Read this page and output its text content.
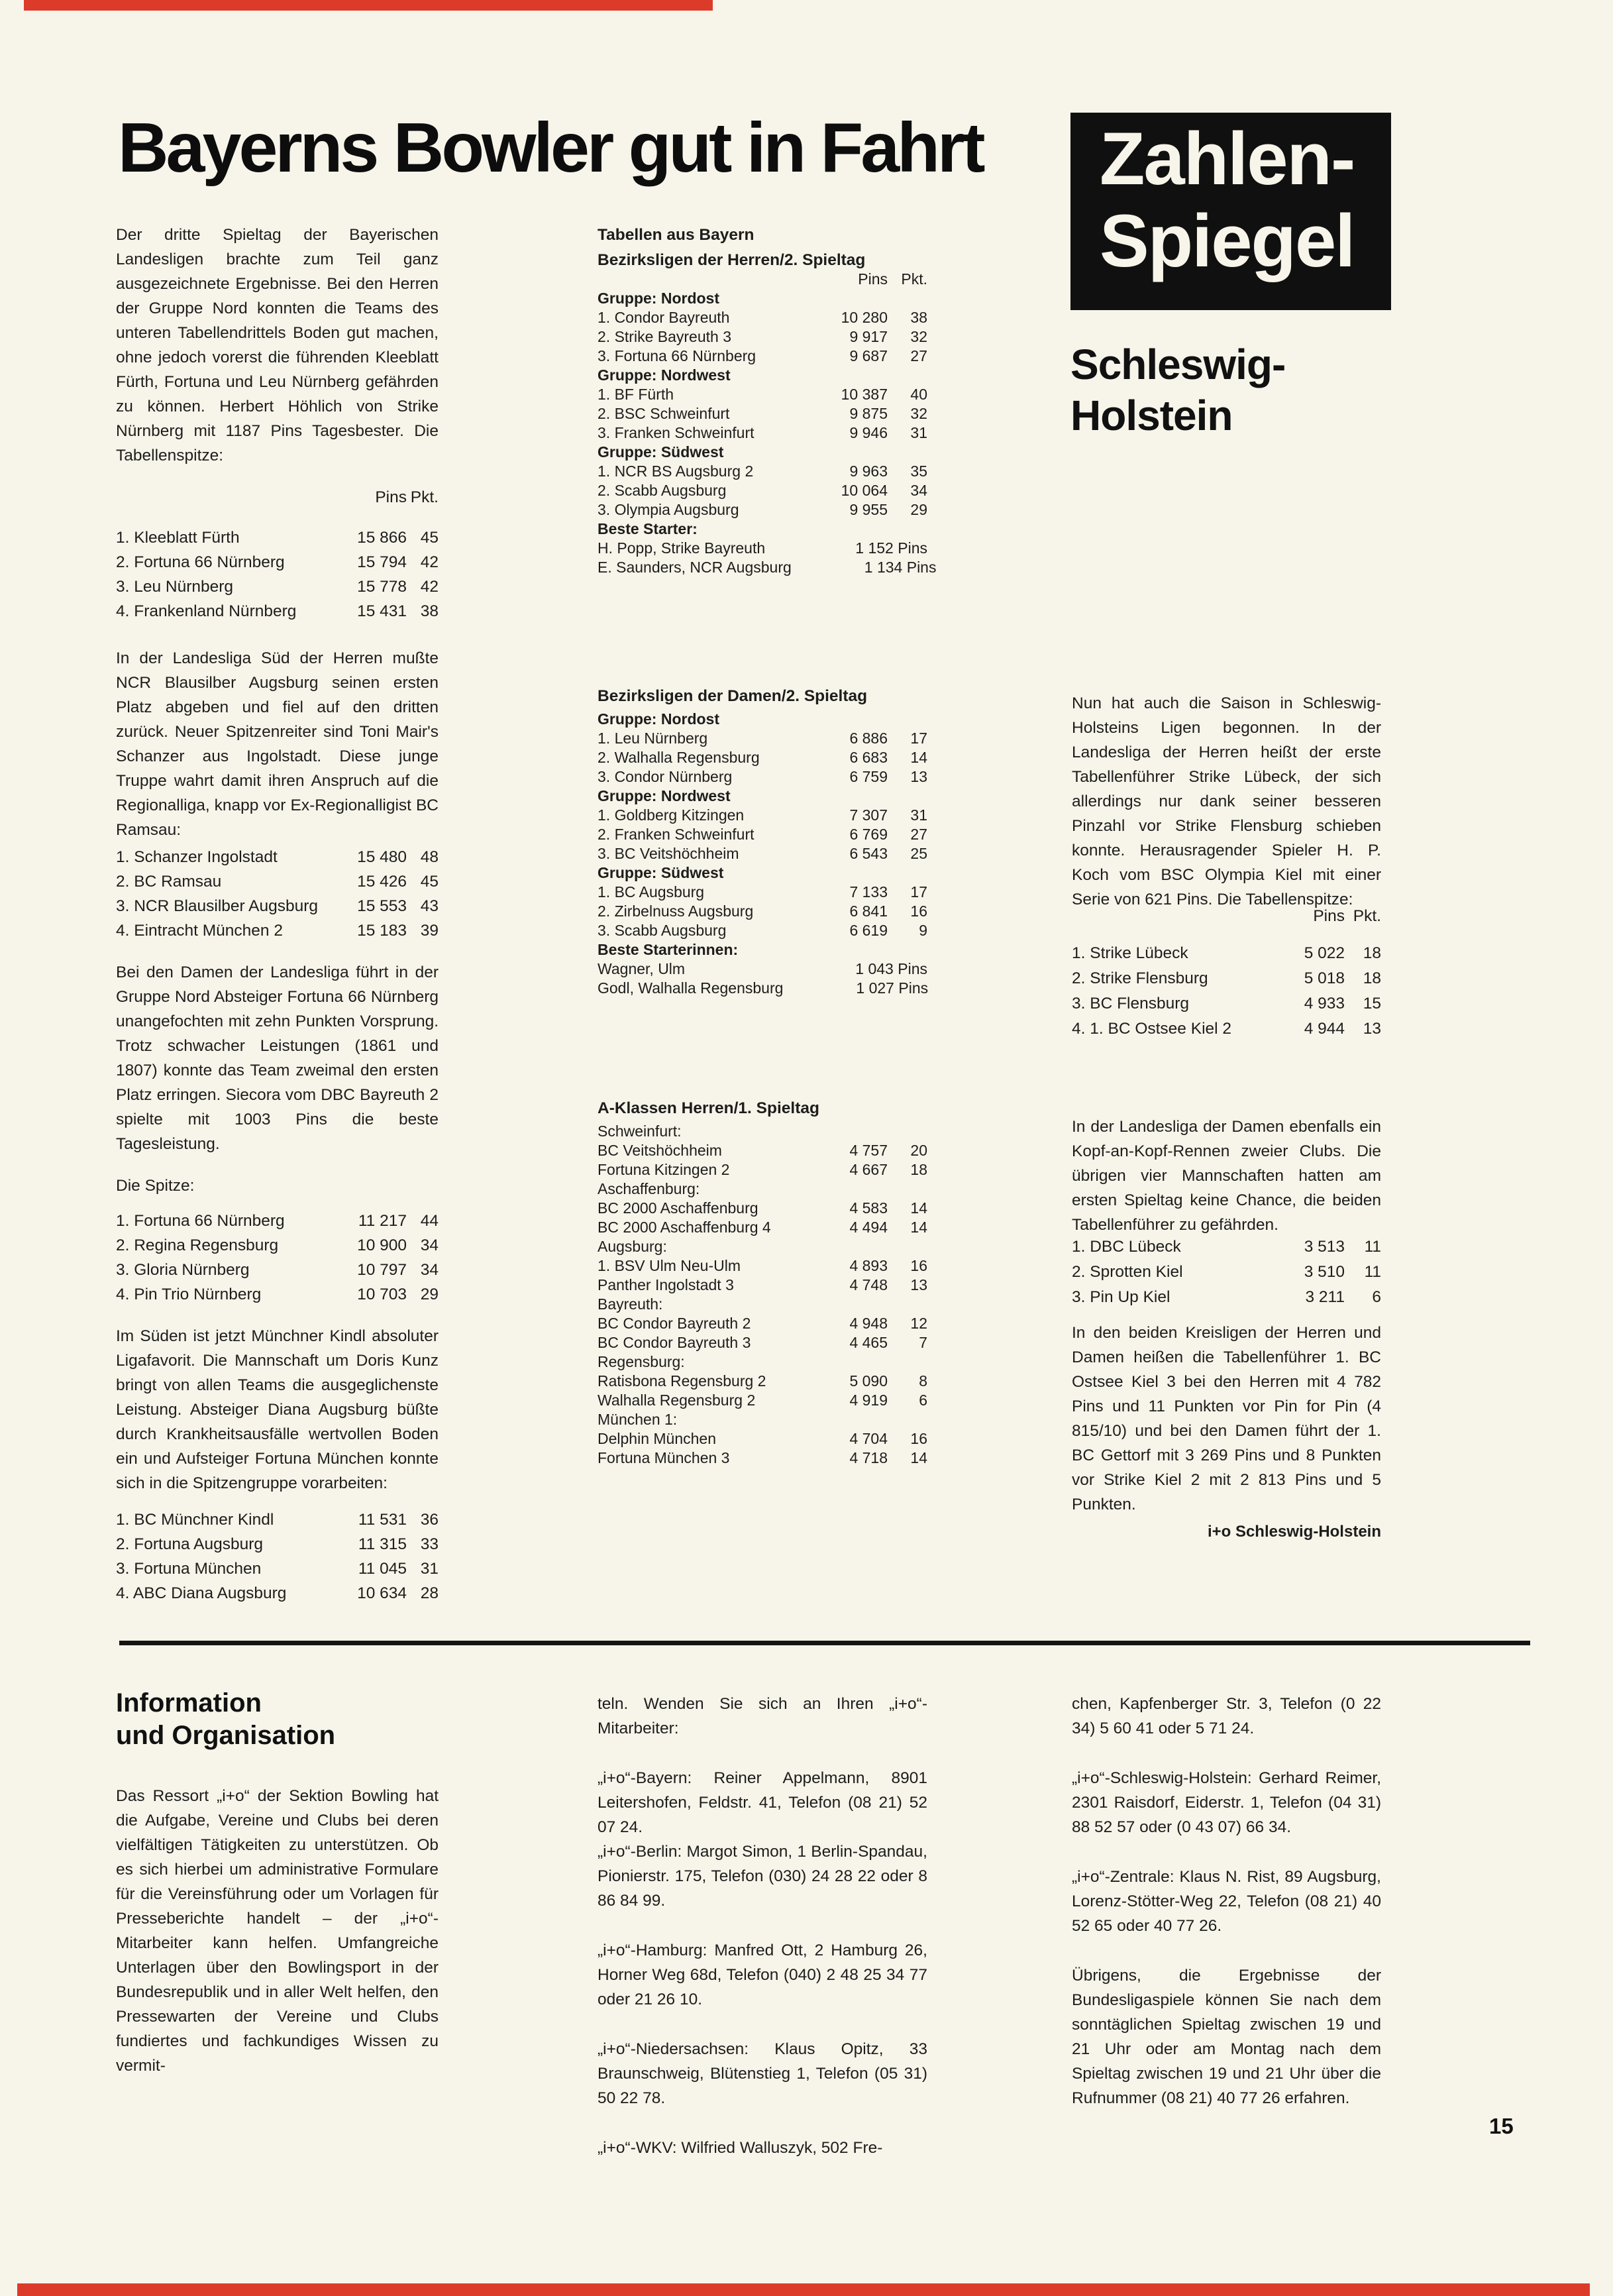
Bayerns Bowler gut in Fahrt	Zahlen-

Spiegel

Schleswig-
Holstein

Der dritte Spieltag der Bayerischen Landesligen brachte zum Teil ganz ausgezeichnete Ergebnisse. Bei den Herren der Gruppe Nord konnten die Teams des unteren Tabellendrittels Boden gut machen, ohne jedoch vorerst die führenden Kleeblatt Fürth, Fortuna und Leu Nürnberg gefährden zu können. Herbert Höhlich von Strike Nürnberg mit 1187 Pins Tagesbester. Die Tabellenspitze:

Pins Pkt.
1. Kleeblatt Fürth	15 866 45
2. Fortuna 66 Nürnberg	15 794 42
3. Leu Nürnberg	15 778 42
4. Frankenland Nürnberg	15 431 38

In der Landesliga Süd der Herren mußte NCR Blausilber Augsburg seinen ersten Platz abgeben und fiel auf den dritten zurück. Neuer Spitzenreiter sind Toni Mair's Schanzer aus Ingolstadt. Diese junge Truppe wahrt damit ihren Anspruch auf die Regionalliga, knapp vor Ex-Regionalligist BC Ramsau:

1. Schanzer Ingolstadt	15 480 48
2. BC Ramsau	15 426 45
3. NCR Blausilber Augsburg	15 553 43
4. Eintracht München 2	15 183 39

Bei den Damen der Landesliga führt in der Gruppe Nord Absteiger Fortuna 66 Nürnberg unangefochten mit zehn Punkten Vorsprung. Trotz schwacher Leistungen (1861 und 1807) konnte das Team zweimal den ersten Platz erringen. Siecora vom DBC Bayreuth 2 spielte mit 1003 Pins die beste Tagesleistung.

Die Spitze:

1. Fortuna 66 Nürnberg	11 217 44
2. Regina Regensburg	10 900 34
3. Gloria Nürnberg	10 797 34
4. Pin Trio Nürnberg	10 703 29

Im Süden ist jetzt Münchner Kindl absoluter Ligafavorit. Die Mannschaft um Doris Kunz bringt von allen Teams die ausgeglichenste Leistung. Absteiger Diana Augsburg büßte durch Krankheitsausfälle wertvollen Boden ein und Aufsteiger Fortuna München konnte sich in die Spitzengruppe vorarbeiten:

1. BC Münchner Kindl	11 531 36
2. Fortuna Augsburg	11 315 33
3. Fortuna München	11 045 31
4. ABC Diana Augsburg	10 634 28
Tabellen aus Bayern
Bezirksligen der Herren/2. Spieltag
Pins Pkt.
Gruppe: Nordost
1. Condor Bayreuth	10 280	38
2. Strike Bayreuth 3	9 917	32
3. Fortuna 66 Nürnberg	9 687	27
Gruppe: Nordwest
1. BF Fürth	10 387	40
2. BSC Schweinfurt	9 875	32
3. Franken Schweinfurt	9 946	31
Gruppe: Südwest
1. NCR BS Augsburg 2	9 963	35
2. Scabb Augsburg	10 064	34
3. Olympia Augsburg	9 955	29
Beste Starter:
H. Popp, Strike Bayreuth	1 152 Pins
E. Saunders, NCR Augsburg	1 134 Pins
Bezirksligen der Damen/2. Spieltag
Gruppe: Nordost
1. Leu Nürnberg	6 886	17
2. Walhalla Regensburg	6 683	14
3. Condor Nürnberg	6 759	13
Gruppe: Nordwest
1. Goldberg Kitzingen	7 307	31
2. Franken Schweinfurt	6 769	27
3. BC Veitshöchheim	6 543	25
Gruppe: Südwest
1. BC Augsburg	7 133	17
2. Zirbelnuss Augsburg	6 841	16
3. Scabb Augsburg	6 619	9
Beste Starterinnen:
Wagner, Ulm	1 043 Pins
Godl, Walhalla Regensburg	1 027 Pins
A-Klassen Herren/1. Spieltag
Schweinfurt:
BC Veitshöchheim	4 757	20
Fortuna Kitzingen 2	4 667	18
Aschaffenburg:
BC 2000 Aschaffenburg	4 583	14
BC 2000 Aschaffenburg 4	4 494	14
Augsburg:
1. BSV Ulm Neu-Ulm	4 893	16
Panther Ingolstadt 3	4 748	13
Bayreuth:
BC Condor Bayreuth 2	4 948	12
BC Condor Bayreuth 3	4 465	7
Regensburg:
Ratisbona Regensburg 2	5 090	8
Walhalla Regensburg 2	4 919	6
München 1:
Delphin München	4 704	16
Fortuna München 3	4 718	14

Nun hat auch die Saison in Schleswig-Holsteins Ligen begonnen. In der Landesliga der Herren heißt der erste Tabellenführer Strike Lübeck, der sich allerdings nur dank seiner besseren Pinzahl vor Strike Flensburg schieben konnte. Herausragender Spieler H. P. Koch vom BSC Olympia Kiel mit einer Serie von 621 Pins. Die Tabellenspitze:

Pins Pkt.
1. Strike Lübeck	5 022	18
2. Strike Flensburg	5 018	18
3. BC Flensburg	4 933	15
4. 1. BC Ostsee Kiel 2	4 944	13

In der Landesliga der Damen ebenfalls ein Kopf-an-Kopf-Rennen zweier Clubs. Die übrigen vier Mannschaften hatten am ersten Spieltag keine Chance, die beiden Tabellenführer zu gefährden.

1. DBC Lübeck	3 513	11
2. Sprotten Kiel	3 510	11
3. Pin Up Kiel	3 211	6

In den beiden Kreisligen der Herren und Damen heißen die Tabellenführer 1. BC Ostsee Kiel 3 bei den Herren mit 4 782 Pins und 11 Punkten vor Pin for Pin (4 815/10) und bei den Damen führt der 1. BC Gettorf mit 3 269 Pins und 8 Punkten vor Strike Kiel 2 mit 2 813 Pins und 5 Punkten.

i+o Schleswig-Holstein

Information
und Organisation

Das Ressort „i+o“ der Sektion Bowling hat die Aufgabe, Vereine und Clubs bei deren vielfältigen Tätigkeiten zu unterstützen. Ob es sich hierbei um administrative Formulare für die Vereinsführung oder um Vorlagen für Presseberichte handelt – der „i+o“-Mitarbeiter kann helfen. Umfangreiche Unterlagen über den Bowlingsport in der Bundesrepublik und in aller Welt helfen, den Pressewarten der Vereine und Clubs fundiertes und fachkundiges Wissen zu vermit-

teln. Wenden Sie sich an Ihren „i+o“-Mitarbeiter:

„i+o“-Bayern: Reiner Appelmann, 8901 Leitershofen, Feldstr. 41, Telefon (08 21) 52 07 24.

„i+o“-Berlin: Margot Simon, 1 Berlin-Spandau, Pionierstr. 175, Telefon (030) 24 28 22 oder 8 86 84 99.

„i+o“-Hamburg: Manfred Ott, 2 Hamburg 26, Horner Weg 68d, Telefon (040) 2 48 25 34 77 oder 21 26 10.

„i+o“-Niedersachsen: Klaus Opitz, 33 Braunschweig, Blütenstieg 1, Telefon (05 31) 50 22 78.

„i+o“-WKV: Wilfried Walluszyk, 502 Fre-

chen, Kapfenberger Str. 3, Telefon (0 22 34) 5 60 41 oder 5 71 24.

„i+o“-Schleswig-Holstein: Gerhard Reimer, 2301 Raisdorf, Eiderstr. 1, Telefon (04 31) 88 52 57 oder (0 43 07) 66 34.

„i+o“-Zentrale: Klaus N. Rist, 89 Augsburg, Lorenz-Stötter-Weg 22, Telefon (08 21) 40 52 65 oder 40 77 26.

Übrigens, die Ergebnisse der Bundesligaspiele können Sie nach dem sonntäglichen Spieltag zwischen 19 und 21 Uhr oder am Montag nach dem Spieltag zwischen 19 und 21 Uhr über die Rufnummer (08 21) 40 77 26 erfahren.

15
